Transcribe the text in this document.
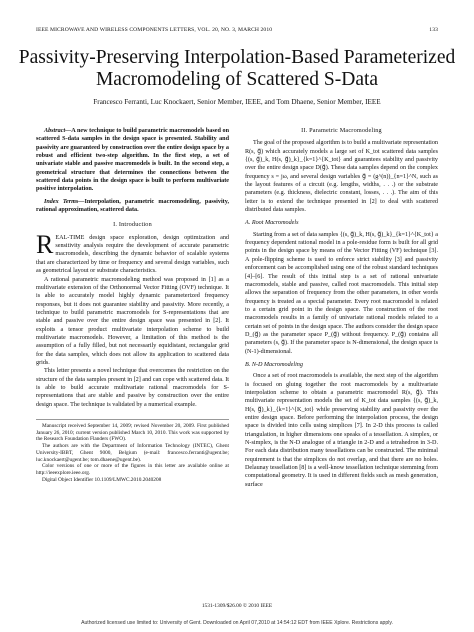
IEEE MICROWAVE AND WIRELESS COMPONENTS LETTERS, VOL. 20, NO. 3, MARCH 2010	133
Passivity-Preserving Interpolation-Based Parameterized Macromodeling of Scattered S-Data
Francesco Ferranti, Luc Knockaert, Senior Member, IEEE, and Tom Dhaene, Senior Member, IEEE

Abstract—A new technique to build parametric macromodels based on scattered S-data samples in the design space is presented. Stability and passivity are guaranteed by construction over the entire design space by a robust and efficient two-step algorithm. In the first step, a set of univariate stable and passive macromodels is built. In the second step, a geometrical structure that determines the connections between the scattered data points in the design space is built to perform multivariate positive interpolation.

Index Terms—Interpolation, parametric macromodeling, passivity, rational approximation, scattered data.

I. Introduction

REAL-TIME design space exploration, design optimization and sensitivity analysis require the development of accurate parametric macromodels, describing the dynamic behavior of scalable systems that are characterized by time or frequency and several design variables, such as geometrical layout or substrate characteristics.

A rational parametric macromodeling method was proposed in [1] as a multivariate extension of the Orthonormal Vector Fitting (OVF) technique. It is able to accurately model highly dynamic parameterized frequency responses, but it does not guarantee stability and passivity. More recently, a technique to build parametric macromodels for S-representations that are stable and passive over the entire design space was presented in [2]. It exploits a tensor product multivariate interpolation scheme to build multivariate macromodels. However, a limitation of this method is the assumption of a fully filled, but not necessarily equidistant, rectangular grid for the data samples, which does not allow its application to scattered data grids.

This letter presents a novel technique that overcomes the restriction on the structure of the data samples present in [2] and can cope with scattered data. It is able to build accurate multivariate rational macromodels for S-representations that are stable and passive by construction over the entire design space. The technique is validated by a numerical example.

Manuscript received September 14, 2009; revised November 20, 2009. First published January 26, 2010; current version published March 10, 2010. This work was supported by the Research Foundation Flanders (FWO).

The authors are with the Department of Information Technology (INTEC), Ghent University-IBBT, Ghent 9000, Belgium (e-mail: francesco.ferranti@ugent.be; luc.knockaert@ugent.be; tom.dhaene@ugent.be).

Color versions of one or more of the figures in this letter are available online at http://ieeexplore.ieee.org.

Digital Object Identifier 10.1109/LMWC.2010.2040208

II. Parametric Macromodeling

The goal of the proposed algorithm is to build a multivariate representation R(s, g⃗) which accurately models a large set of K_tot scattered data samples {(s, g⃗)_k, H(s, g⃗)_k}_{k=1}^{K_tot} and guarantees stability and passivity over the entire design space D(g⃗). These data samples depend on the complex frequency s = jω, and several design variables g⃗ = (g^(n))_{n=1}^N, such as the layout features of a circuit (e.g. lengths, widths, . . .) or the substrate parameters (e.g. thickness, dielectric constant, losses, . . .). The aim of this letter is to extend the technique presented in [2] to deal with scattered distributed data samples.

A. Root Macromodels

Starting from a set of data samples {(s, g⃗)_k, H(s, g⃗)_k}_{k=1}^{K_tot} a frequency dependent rational model in a pole-residue form is built for all grid points in the design space by means of the Vector Fitting (VF) technique [3]. A pole-flipping scheme is used to enforce strict stability [3] and passivity enforcement can be accomplished using one of the robust standard techniques [4]–[6]. The result of this initial step is a set of rational univariate macromodels, stable and passive, called root macromodels. This initial step allows the separation of frequency from the other parameters, in other words frequency is treated as a special parameter. Every root macromodel is related to a certain grid point in the design space. The construction of the root macromodels results in a family of univariate rational models related to a certain set of points in the design space. The authors consider the design space D_(g⃗) as the parameter space P_(g⃗) without frequency. P_(g⃗) contains all parameters (s, g⃗). If the parameter space is N-dimensional, the design space is (N-1)-dimensional.

B. N-D Macromodeling

Once a set of root macromodels is available, the next step of the algorithm is focused on gluing together the root macromodels by a multivariate interpolation scheme to obtain a parametric macromodel R(s, g⃗). This multivariate representation models the set of K_tot data samples {(s, g⃗)_k, H(s, g⃗)_k}_{k=1}^{K_tot} while preserving stability and passivity over the entire design space. Before performing the interpolation process, the design space is divided into cells using simplices [7]. In 2-D this process is called triangulation, in higher dimensions one speaks of a tessellation. A simplex, or N-simplex, is the N-D analogue of a triangle in 2-D and a tetrahedron in 3-D. For each data distribution many tessellations can be constructed. The minimal requirement is that the simplices do not overlap, and that there are no holes. Delaunay tessellation [8] is a well-know tessellation technique stemming from computational geometry. It is used in different fields such as mesh generation, surface

1531-1309/$26.00 © 2010 IEEE
Authorized licensed use limited to: University of Gent. Downloaded on April 07,2010 at 14:54:12 EDT from IEEE Xplore. Restrictions apply.
